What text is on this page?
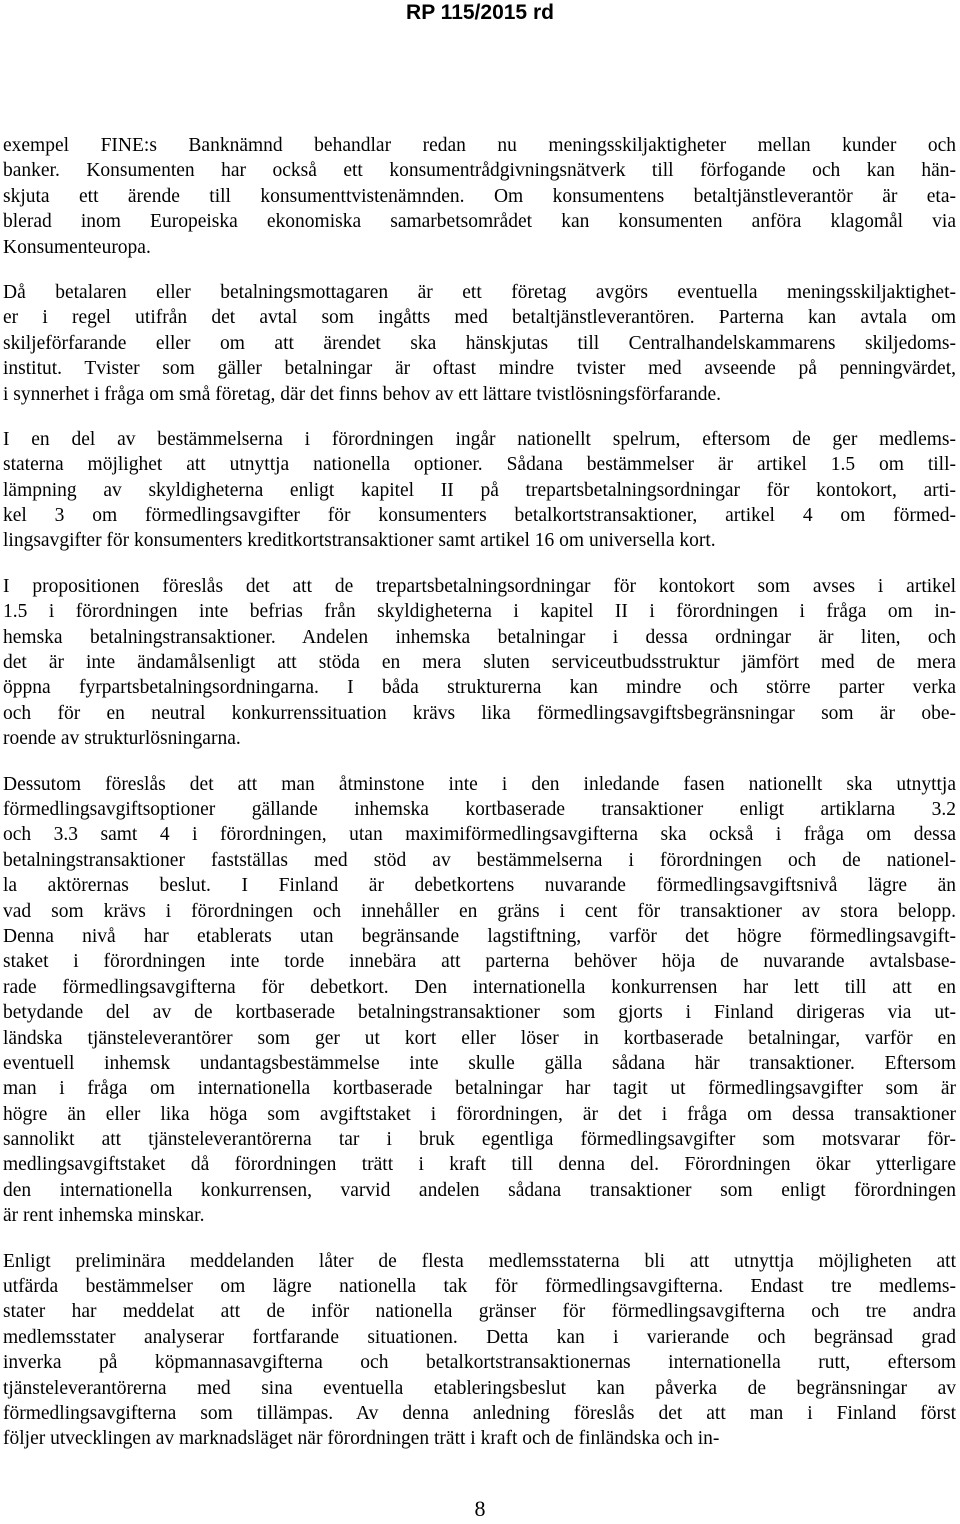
RP 115/2015 rd
exempel FINE:s Banknämnd behandlar redan nu meningsskiljaktigheter mellan kunder och
banker. Konsumenten har också ett konsumentrådgivningsnätverk till förfogande och kan hän-
skjuta ett ärende till konsumenttvistenämnden. Om konsumentens betaltjänstleverantör är eta-
blerad inom Europeiska ekonomiska samarbetsområdet kan konsumenten anföra klagomål via
Konsumenteuropa.
Då betalaren eller betalningsmottagaren är ett företag avgörs eventuella meningsskiljaktighet-
er i regel utifrån det avtal som ingåtts med betaltjänstleverantören. Parterna kan avtala om
skiljeförfarande eller om att ärendet ska hänskjutas till Centralhandelskammarens skiljedoms-
institut. Tvister som gäller betalningar är oftast mindre tvister med avseende på penningvärdet,
i synnerhet i fråga om små företag, där det finns behov av ett lättare tvistlösningsförfarande.
I en del av bestämmelserna i förordningen ingår nationellt spelrum, eftersom de ger medlems-
staterna möjlighet att utnyttja nationella optioner. Sådana bestämmelser är artikel 1.5 om till-
lämpning av skyldigheterna enligt kapitel II på trepartsbetalningsordningar för kontokort, arti-
kel 3 om förmedlingsavgifter för konsumenters betalkortstransaktioner, artikel 4 om förmed-
lingsavgifter för konsumenters kreditkortstransaktioner samt artikel 16 om universella kort.
I propositionen föreslås det att de trepartsbetalningsordningar för kontokort som avses i artikel
1.5 i förordningen inte befrias från skyldigheterna i kapitel II i förordningen i fråga om in-
hemska betalningstransaktioner. Andelen inhemska betalningar i dessa ordningar är liten, och
det är inte ändamålsenligt att stöda en mera sluten serviceutbudsstruktur jämfört med de mera
öppna fyrpartsbetalningsordningarna. I båda strukturerna kan mindre och större parter verka
och för en neutral konkurrenssituation krävs lika förmedlingsavgiftsbegränsningar som är obe-
roende av strukturlösningarna.
Dessutom föreslås det att man åtminstone inte i den inledande fasen nationellt ska utnyttja
förmedlingsavgiftsoptioner gällande inhemska kortbaserade transaktioner enligt artiklarna 3.2
och 3.3 samt 4 i förordningen, utan maximiförmedlingsavgifterna ska också i fråga om dessa
betalningstransaktioner fastställas med stöd av bestämmelserna i förordningen och de nationel-
la aktörernas beslut. I Finland är debetkortens nuvarande förmedlingsavgiftsnivå lägre än
vad som krävs i förordningen och innehåller en gräns i cent för transaktioner av stora belopp.
Denna nivå har etablerats utan begränsande lagstiftning, varför det högre förmedlingsavgift-
staket i förordningen inte torde innebära att parterna behöver höja de nuvarande avtalsbase-
rade förmedlingsavgifterna för debetkort. Den internationella konkurrensen har lett till att en
betydande del av de kortbaserade betalningstransaktioner som gjorts i Finland dirigeras via ut-
ländska tjänsteleverantörer som ger ut kort eller löser in kortbaserade betalningar, varför en
eventuell inhemsk undantagsbestämmelse inte skulle gälla sådana här transaktioner. Eftersom
man i fråga om internationella kortbaserade betalningar har tagit ut förmedlingsavgifter som är
högre än eller lika höga som avgiftstaket i förordningen, är det i fråga om dessa transaktioner
sannolikt att tjänsteleverantörerna tar i bruk egentliga förmedlingsavgifter som motsvarar för-
medlingsavgiftstaket då förordningen trätt i kraft till denna del. Förordningen ökar ytterligare
den internationella konkurrensen, varvid andelen sådana transaktioner som enligt förordningen
är rent inhemska minskar.
Enligt preliminära meddelanden låter de flesta medlemsstaterna bli att utnyttja möjligheten att
utfärda bestämmelser om lägre nationella tak för förmedlingsavgifterna. Endast tre medlems-
stater har meddelat att de inför nationella gränser för förmedlingsavgifterna och tre andra
medlemsstater analyserar fortfarande situationen. Detta kan i varierande och begränsad grad
inverka på köpmannasavgifterna och betalkortstransaktionernas internationella rutt, eftersom
tjänsteleverantörerna med sina eventuella etableringsbeslut kan påverka de begränsningar av
förmedlingsavgifterna som tillämpas. Av denna anledning föreslås det att man i Finland först
följer utvecklingen av marknadsläget när förordningen trätt i kraft och de finländska och in-
8
